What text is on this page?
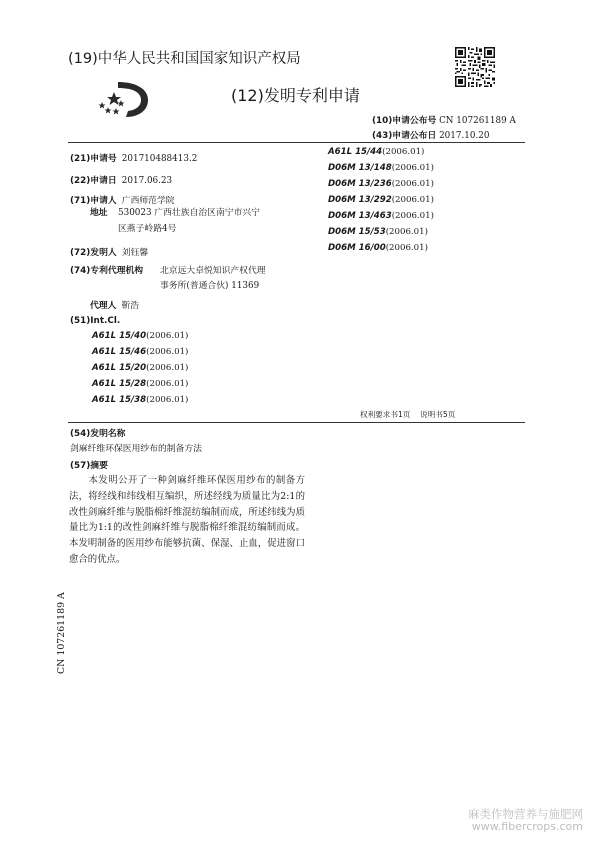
(19)中华人民共和国国家知识产权局
(12)发明专利申请
(10)申请公布号 CN 107261189 A
(43)申请公布日 2017.10.20
(21)申请号 201710488413.2
(22)申请日 2017.06.23
(71)申请人 广西师范学院
地址 530023 广西壮族自治区南宁市兴宁
区燕子岭路4号
(72)发明人 刘钰馨
(74)专利代理机构 北京远大卓悦知识产权代理
事务所(普通合伙) 11369
代理人 靳浩
(51)Int.Cl.
A61L 15/40(2006.01)
A61L 15/46(2006.01)
A61L 15/20(2006.01)
A61L 15/28(2006.01)
A61L 15/38(2006.01)
A61L 15/44(2006.01)
D06M 13/148(2006.01)
D06M 13/236(2006.01)
D06M 13/292(2006.01)
D06M 13/463(2006.01)
D06M 15/53(2006.01)
D06M 16/00(2006.01)
权利要求书1页    说明书5页
(54)发明名称
剑麻纤维环保医用纱布的制备方法
(57)摘要
本发明公开了一种剑麻纤维环保医用纱布的制备方法，将经线和纬线相互编织，所述经线为质量比为2:1的改性剑麻纤维与脱脂棉纤维混纺编制而成，所述纬线为质量比为1:1的改性剑麻纤维与脱脂棉纤维混纺编制而成。本发明制备的医用纱布能够抗菌、保湿、止血，促进窗口愈合的优点。
CN 107261189 A
麻类作物营养与施肥网
www.fibercrops.com
